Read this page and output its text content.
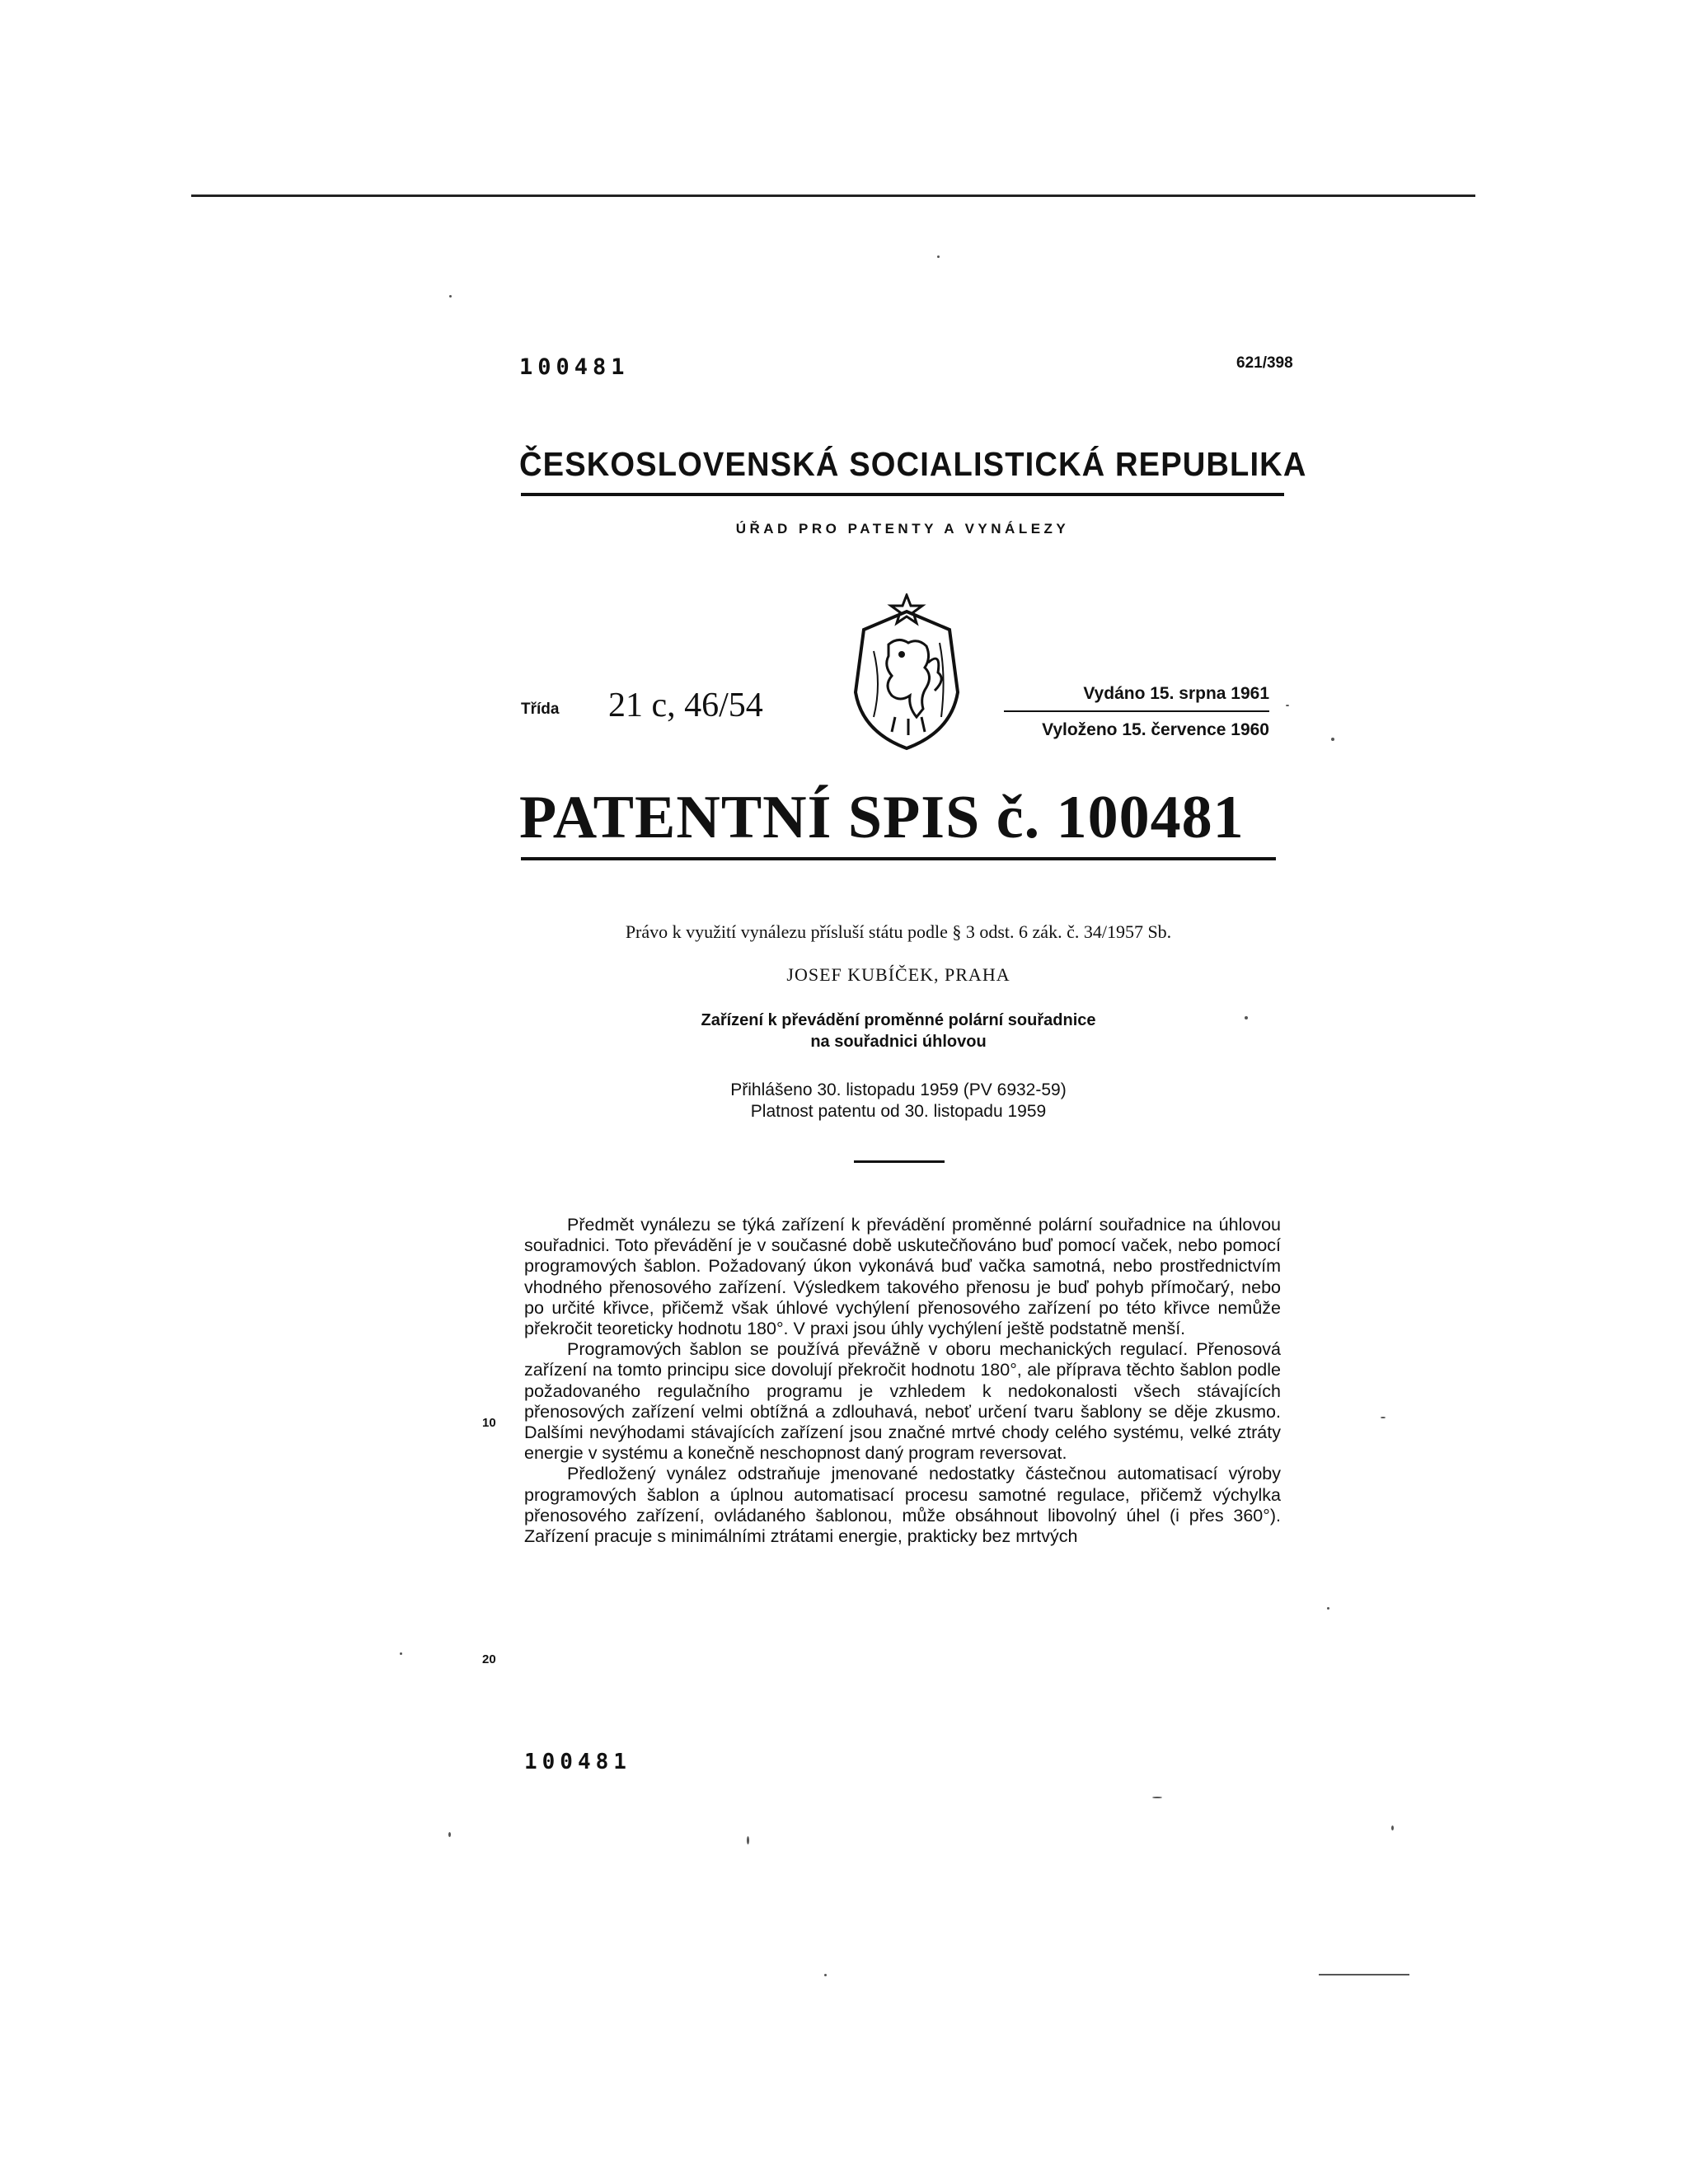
100481	621/398
ČESKOSLOVENSKÁ SOCIALISTICKÁ REPUBLIKA
ÚŘAD PRO PATENTY A VYNÁLEZY
Třída 21 c, 46/54	Vydáno 15. srpna 1961
Vyloženo 15. července 1960
PATENTNÍ SPIS č. 100481
Právo k využití vynálezu přísluší státu podle § 3 odst. 6 zák. č. 34/1957 Sb.
JOSEF KUBÍČEK, PRAHA
Zařízení k převádění proměnné polární souřadnice
na souřadnici úhlovou
Přihlášeno 30. listopadu 1959 (PV 6932-59)
Platnost patentu od 30. listopadu 1959

Předmět vynálezu se týká zařízení k převádění proměnné polární souřadnice na úhlovou souřadnici. Toto převádění je v současné době uskutečňováno buď pomocí vaček, nebo pomocí programových šablon. Požadovaný úkon vykonává buď vačka samotná, nebo prostřednictvím vhodného přenosového zařízení. Výsledkem takového přenosu je buď pohyb přímočarý, nebo po určité křivce, přičemž však úhlové vychýlení přenosového zařízení po této křivce nemůže překročit teoreticky hodnotu 180°. V praxi jsou úhly vychýlení ještě podstatně menší.

Programových šablon se používá převážně v oboru mechanických regulací. Přenosová zařízení na tomto principu sice dovolují překročit hodnotu 180°, ale příprava těchto šablon podle požadovaného regulačního programu je vzhledem k nedokonalosti všech stávajících přenosových zařízení velmi obtížná a zdlouhavá, neboť určení tvaru šablony se děje zkusmo. Dalšími nevýhodami stávajících zařízení jsou značné mrtvé chody celého systému, velké ztráty energie v systému a konečně neschopnost daný program reversovat.

Předložený vynález odstraňuje jmenované nedostatky částečnou automatisací výroby programových šablon a úplnou automatisací procesu samotné regulace, přičemž výchylka přenosového zařízení, ovládaného šablonou, může obsáhnout libovolný úhel (i přes 360°). Zařízení pracuje s minimálními ztrátami energie, prakticky bez mrtvých

10
20
100481
